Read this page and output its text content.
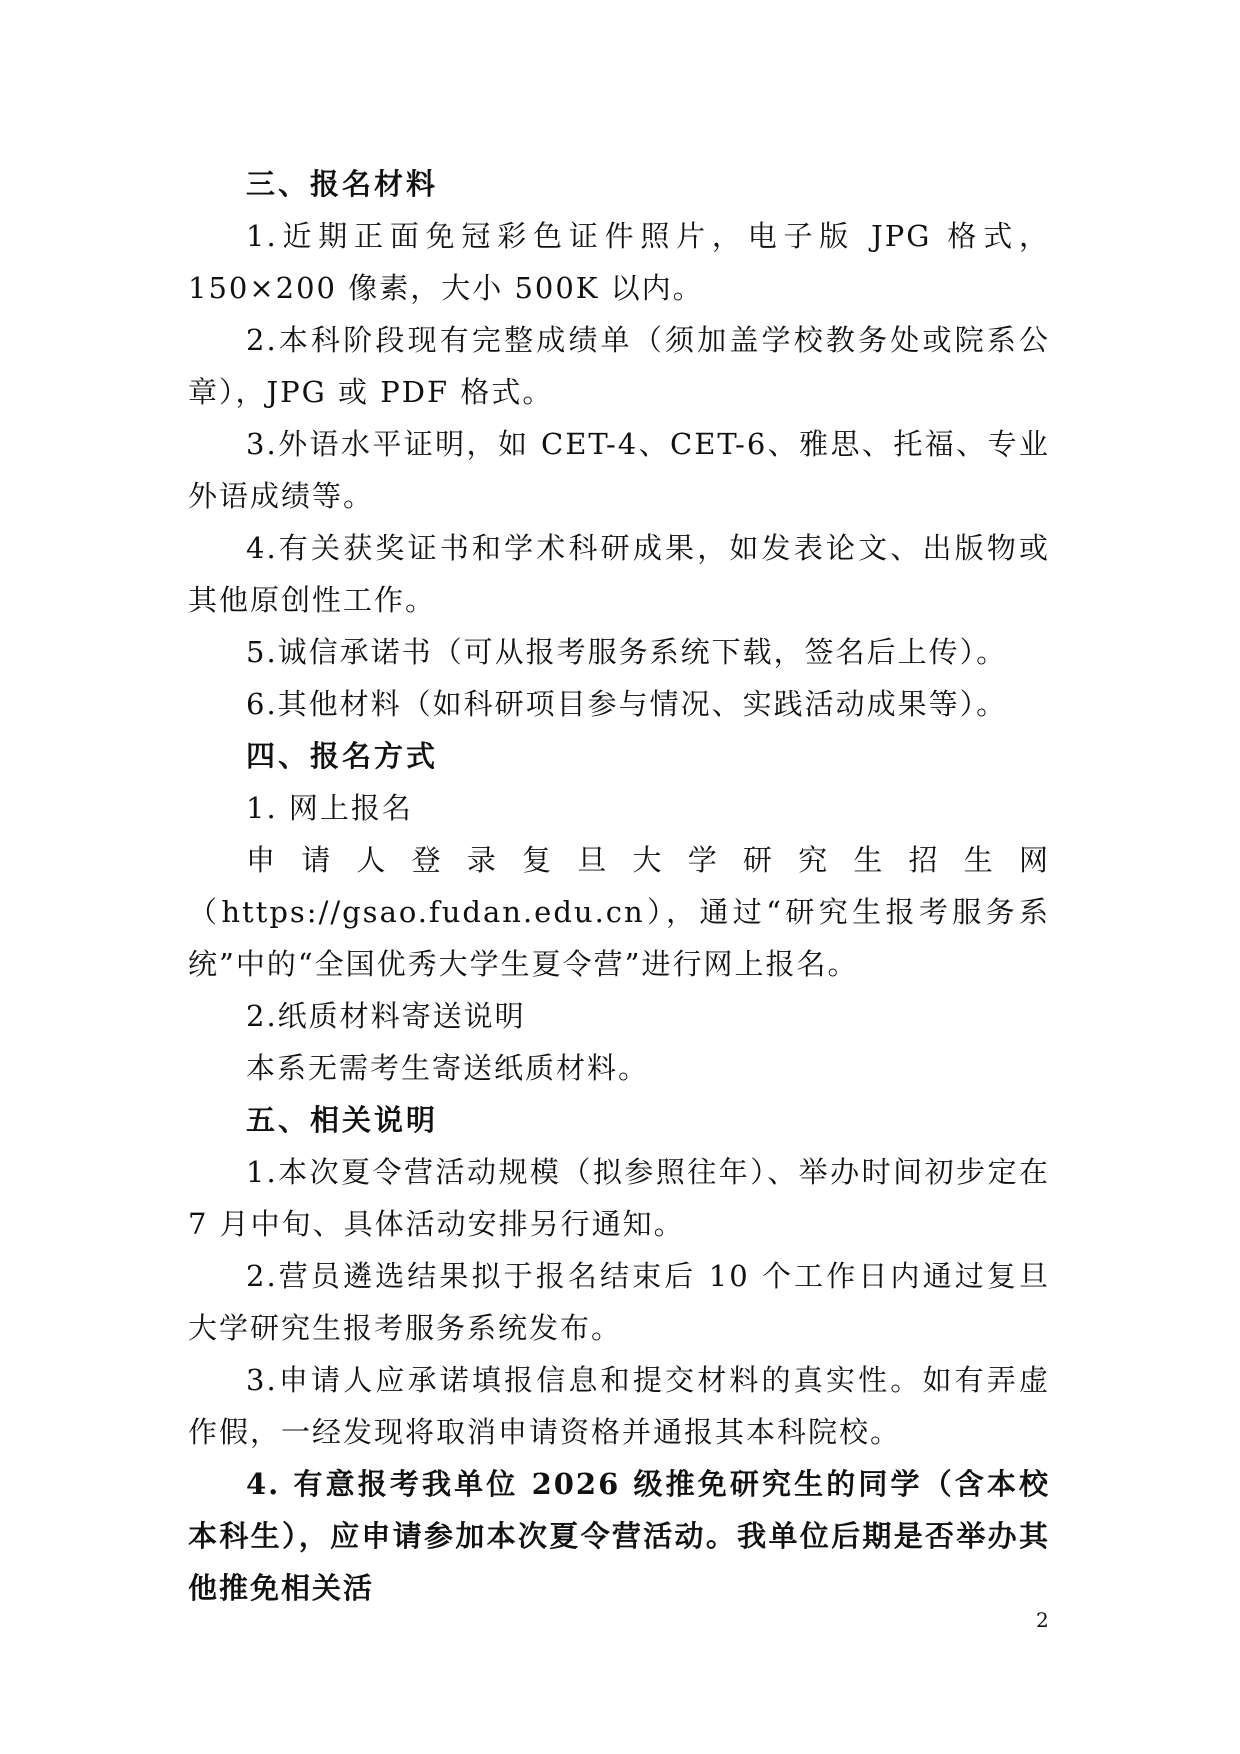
三、报名材料

1.近期正面免冠彩色证件照片，电子版 JPG 格式，150×200 像素，大小 500K 以内。

2.本科阶段现有完整成绩单（须加盖学校教务处或院系公章），JPG 或 PDF 格式。

3.外语水平证明，如 CET-4、CET-6、雅思、托福、专业外语成绩等。

4.有关获奖证书和学术科研成果，如发表论文、出版物或其他原创性工作。

5.诚信承诺书（可从报考服务系统下载，签名后上传）。

6.其他材料（如科研项目参与情况、实践活动成果等）。

四、报名方式

1. 网上报名

申请人登录复旦大学研究生招生网（https://gsao.fudan.edu.cn），通过“研究生报考服务系统”中的“全国优秀大学生夏令营”进行网上报名。

2.纸质材料寄送说明

本系无需考生寄送纸质材料。

五、相关说明

1.本次夏令营活动规模（拟参照往年）、举办时间初步定在 7 月中旬、具体活动安排另行通知。

2.营员遴选结果拟于报名结束后 10 个工作日内通过复旦大学研究生报考服务系统发布。

3.申请人应承诺填报信息和提交材料的真实性。如有弄虚作假，一经发现将取消申请资格并通报其本科院校。

4. 有意报考我单位 2026 级推免研究生的同学（含本校本科生），应申请参加本次夏令营活动。我单位后期是否举办其他推免相关活

2
